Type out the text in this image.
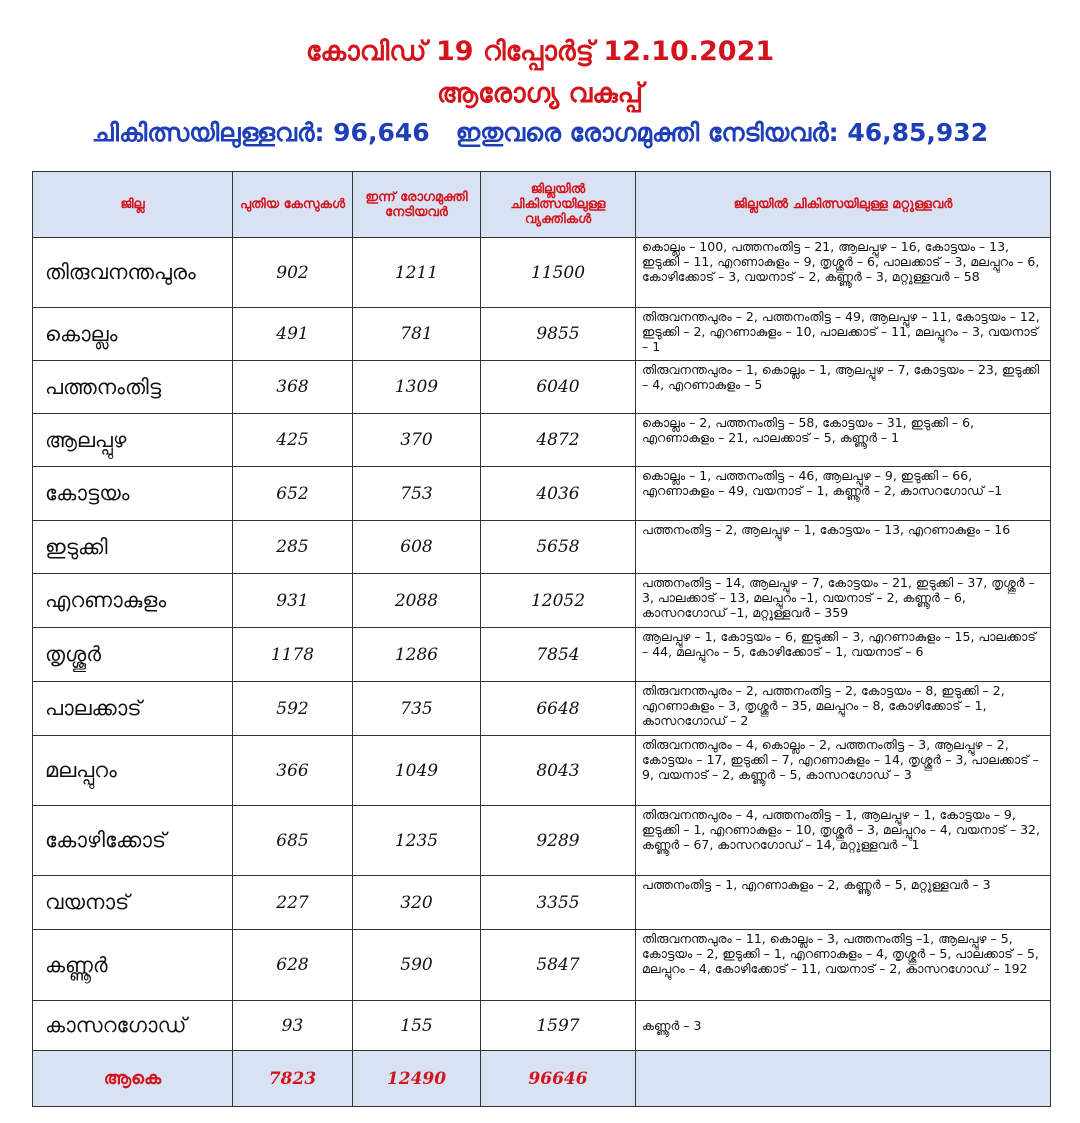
കോവിഡ് 19 റിപ്പോർട്ട് 12.10.2021
ആരോഗ്യ വകുപ്പ്
ചികിത്സയിലുള്ളവർ: 96,646 ഇതുവരെ രോഗമുക്തി നേടിയവർ: 46,85,932
ജില്ല	പുതിയ കേസുകൾ	ഇന്ന് രോഗമുക്തി നേടിയവർ	ജില്ലയിൽ ചികിത്സയിലുള്ള വ്യക്തികൾ	ജില്ലയിൽ ചികിത്സയിലുള്ള മറ്റുള്ളവർ
തിരുവനന്തപുരം	902	1211	11500	കൊല്ലം – 100, പത്തനംതിട്ട – 21, ആലപ്പുഴ – 16, കോട്ടയം – 13, ഇടുക്കി – 11, എറണാകുളം – 9, തൃശ്ശൂർ – 6, പാലക്കാട് – 3, മലപ്പുറം – 6, കോഴിക്കോട് – 3, വയനാട് – 2, കണ്ണൂർ – 3, മറ്റുള്ളവർ – 58
കൊല്ലം	491	781	9855	തിരുവനന്തപുരം – 2, പത്തനംതിട്ട – 49, ആലപ്പുഴ – 11, കോട്ടയം – 12, ഇടുക്കി – 2, എറണാകുളം – 10, പാലക്കാട് – 11, മലപ്പുറം – 3, വയനാട് – 1
പത്തനംതിട്ട	368	1309	6040	തിരുവനന്തപുരം – 1, കൊല്ലം – 1, ആലപ്പുഴ – 7, കോട്ടയം – 23, ഇടുക്കി – 4, എറണാകുളം – 5
ആലപ്പുഴ	425	370	4872	കൊല്ലം – 2, പത്തനംതിട്ട – 58, കോട്ടയം – 31, ഇടുക്കി – 6, എറണാകുളം – 21, പാലക്കാട് – 5, കണ്ണൂർ – 1
കോട്ടയം	652	753	4036	കൊല്ലം – 1, പത്തനംതിട്ട – 46, ആലപ്പുഴ – 9, ഇടുക്കി – 66, എറണാകുളം – 49, വയനാട് – 1, കണ്ണൂർ – 2, കാസറഗോഡ് –1
ഇടുക്കി	285	608	5658	പത്തനംതിട്ട – 2, ആലപ്പുഴ – 1, കോട്ടയം – 13, എറണാകുളം – 16
എറണാകുളം	931	2088	12052	പത്തനംതിട്ട – 14, ആലപ്പുഴ – 7, കോട്ടയം – 21, ഇടുക്കി – 37, തൃശ്ശൂർ – 3, പാലക്കാട് – 13, മലപ്പുറം –1, വയനാട് – 2, കണ്ണൂർ – 6, കാസറഗോഡ് –1, മറ്റുള്ളവർ – 359
തൃശ്ശൂർ	1178	1286	7854	ആലപ്പുഴ – 1, കോട്ടയം – 6, ഇടുക്കി – 3, എറണാകുളം – 15, പാലക്കാട് – 44, മലപ്പുറം – 5, കോഴിക്കോട് – 1, വയനാട് – 6
പാലക്കാട്	592	735	6648	തിരുവനന്തപുരം – 2, പത്തനംതിട്ട – 2, കോട്ടയം – 8, ഇടുക്കി – 2, എറണാകുളം – 3, തൃശ്ശൂർ – 35, മലപ്പുറം – 8, കോഴിക്കോട് – 1, കാസറഗോഡ് – 2
മലപ്പുറം	366	1049	8043	തിരുവനന്തപുരം – 4, കൊല്ലം – 2, പത്തനംതിട്ട – 3, ആലപ്പുഴ – 2, കോട്ടയം – 17, ഇടുക്കി – 7, എറണാകുളം – 14, തൃശ്ശൂർ – 3, പാലക്കാട് – 9, വയനാട് – 2, കണ്ണൂർ – 5, കാസറഗോഡ് – 3
കോഴിക്കോട്	685	1235	9289	തിരുവനന്തപുരം – 4, പത്തനംതിട്ട – 1, ആലപ്പുഴ – 1, കോട്ടയം – 9, ഇടുക്കി – 1, എറണാകുളം – 10, തൃശ്ശൂർ – 3, മലപ്പുറം – 4, വയനാട് – 32, കണ്ണൂർ – 67, കാസറഗോഡ് – 14, മറ്റുള്ളവർ – 1
വയനാട്	227	320	3355	പത്തനംതിട്ട – 1, എറണാകുളം – 2, കണ്ണൂർ – 5, മറ്റുള്ളവർ – 3
കണ്ണൂർ	628	590	5847	തിരുവനന്തപുരം – 11, കൊല്ലം – 3, പത്തനംതിട്ട –1, ആലപ്പുഴ – 5, കോട്ടയം – 2, ഇടുക്കി – 1, എറണാകുളം – 4, തൃശ്ശൂർ – 5, പാലക്കാട് – 5, മലപ്പുറം – 4, കോഴിക്കോട് – 11, വയനാട് – 2, കാസറഗോഡ് – 192
കാസറഗോഡ്	93	155	1597	കണ്ണൂർ – 3
ആകെ	7823	12490	96646	
